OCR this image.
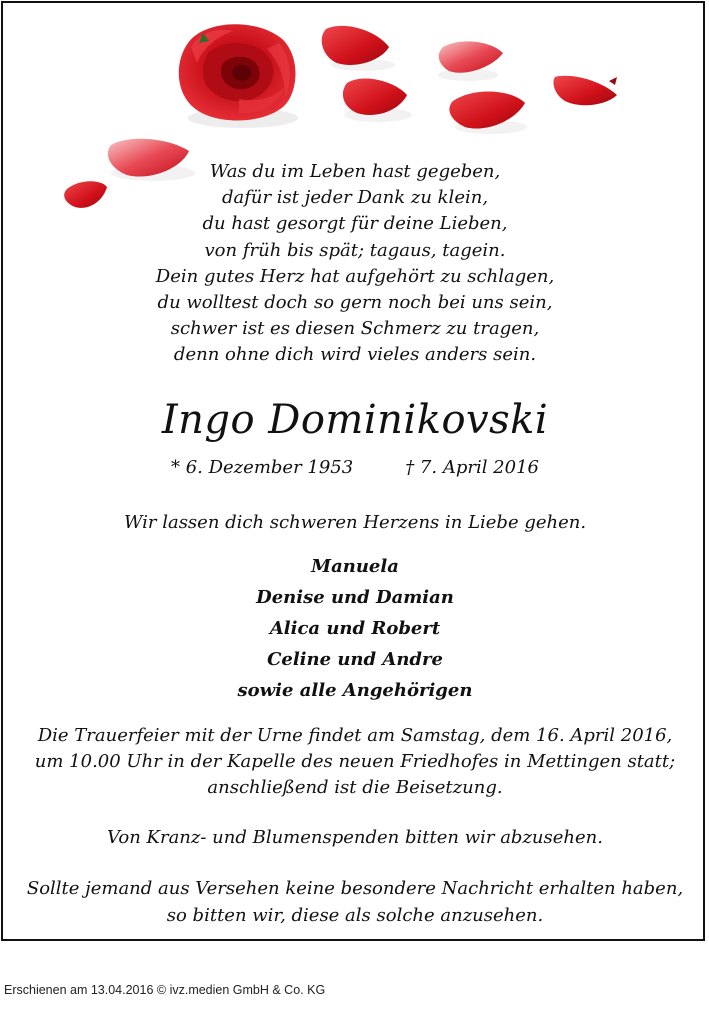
Was du im Leben hast gegeben,
dafür ist jeder Dank zu klein,
du hast gesorgt für deine Lieben,
von früh bis spät; tagaus, tagein.
Dein gutes Herz hat aufgehört zu schlagen,
du wolltest doch so gern noch bei uns sein,
schwer ist es diesen Schmerz zu tragen,
denn ohne dich wird vieles anders sein.
Ingo Dominikovski
* 6. Dezember 1953	† 7. April 2016
Wir lassen dich schweren Herzens in Liebe gehen.
Manuela
Denise und Damian
Alica und Robert
Celine und Andre
sowie alle Angehörigen
Die Trauerfeier mit der Urne findet am Samstag, dem 16. April 2016,
um 10.00 Uhr in der Kapelle des neuen Friedhofes in Mettingen statt;
anschließend ist die Beisetzung.
Von Kranz- und Blumenspenden bitten wir abzusehen.
Sollte jemand aus Versehen keine besondere Nachricht erhalten haben,
so bitten wir, diese als solche anzusehen.
Erschienen am 13.04.2016 © ivz.medien GmbH & Co. KG
